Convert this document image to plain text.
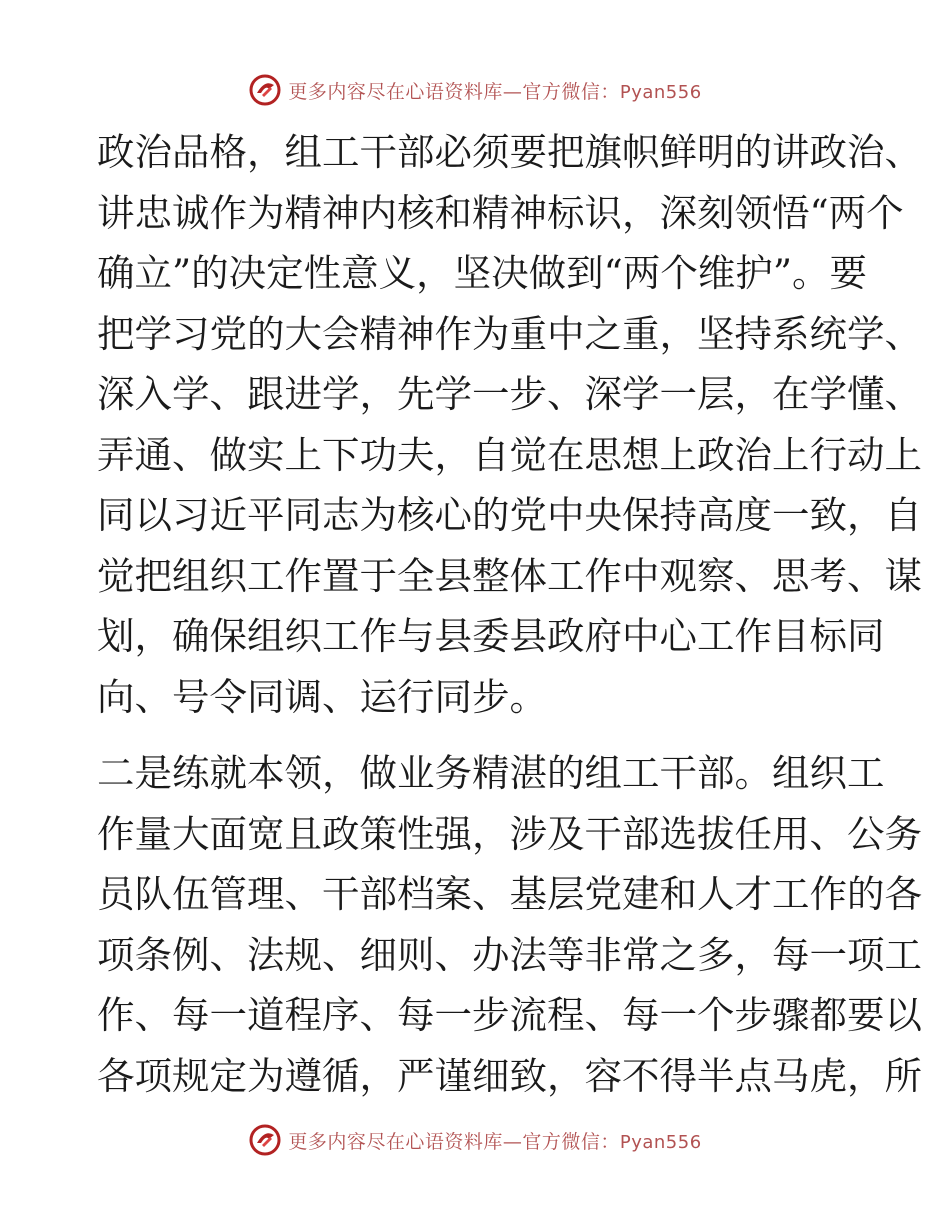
更多内容尽在心语资料库—官方微信：Pyan556
政治品格，组工干部必须要把旗帜鲜明的讲政治、
讲忠诚作为精神内核和精神标识，深刻领悟“两个
确立”的决定性意义，坚决做到“两个维护”。要
把学习党的大会精神作为重中之重，坚持系统学、
深入学、跟进学，先学一步、深学一层，在学懂、
弄通、做实上下功夫，自觉在思想上政治上行动上
同以习近平同志为核心的党中央保持高度一致，自
觉把组织工作置于全县整体工作中观察、思考、谋
划，确保组织工作与县委县政府中心工作目标同
向、号令同调、运行同步。
二是练就本领，做业务精湛的组工干部。组织工
作量大面宽且政策性强，涉及干部选拔任用、公务
员队伍管理、干部档案、基层党建和人才工作的各
项条例、法规、细则、办法等非常之多，每一项工
作、每一道程序、每一步流程、每一个步骤都要以
各项规定为遵循，严谨细致，容不得半点马虎，所
更多内容尽在心语资料库—官方微信：Pyan556
